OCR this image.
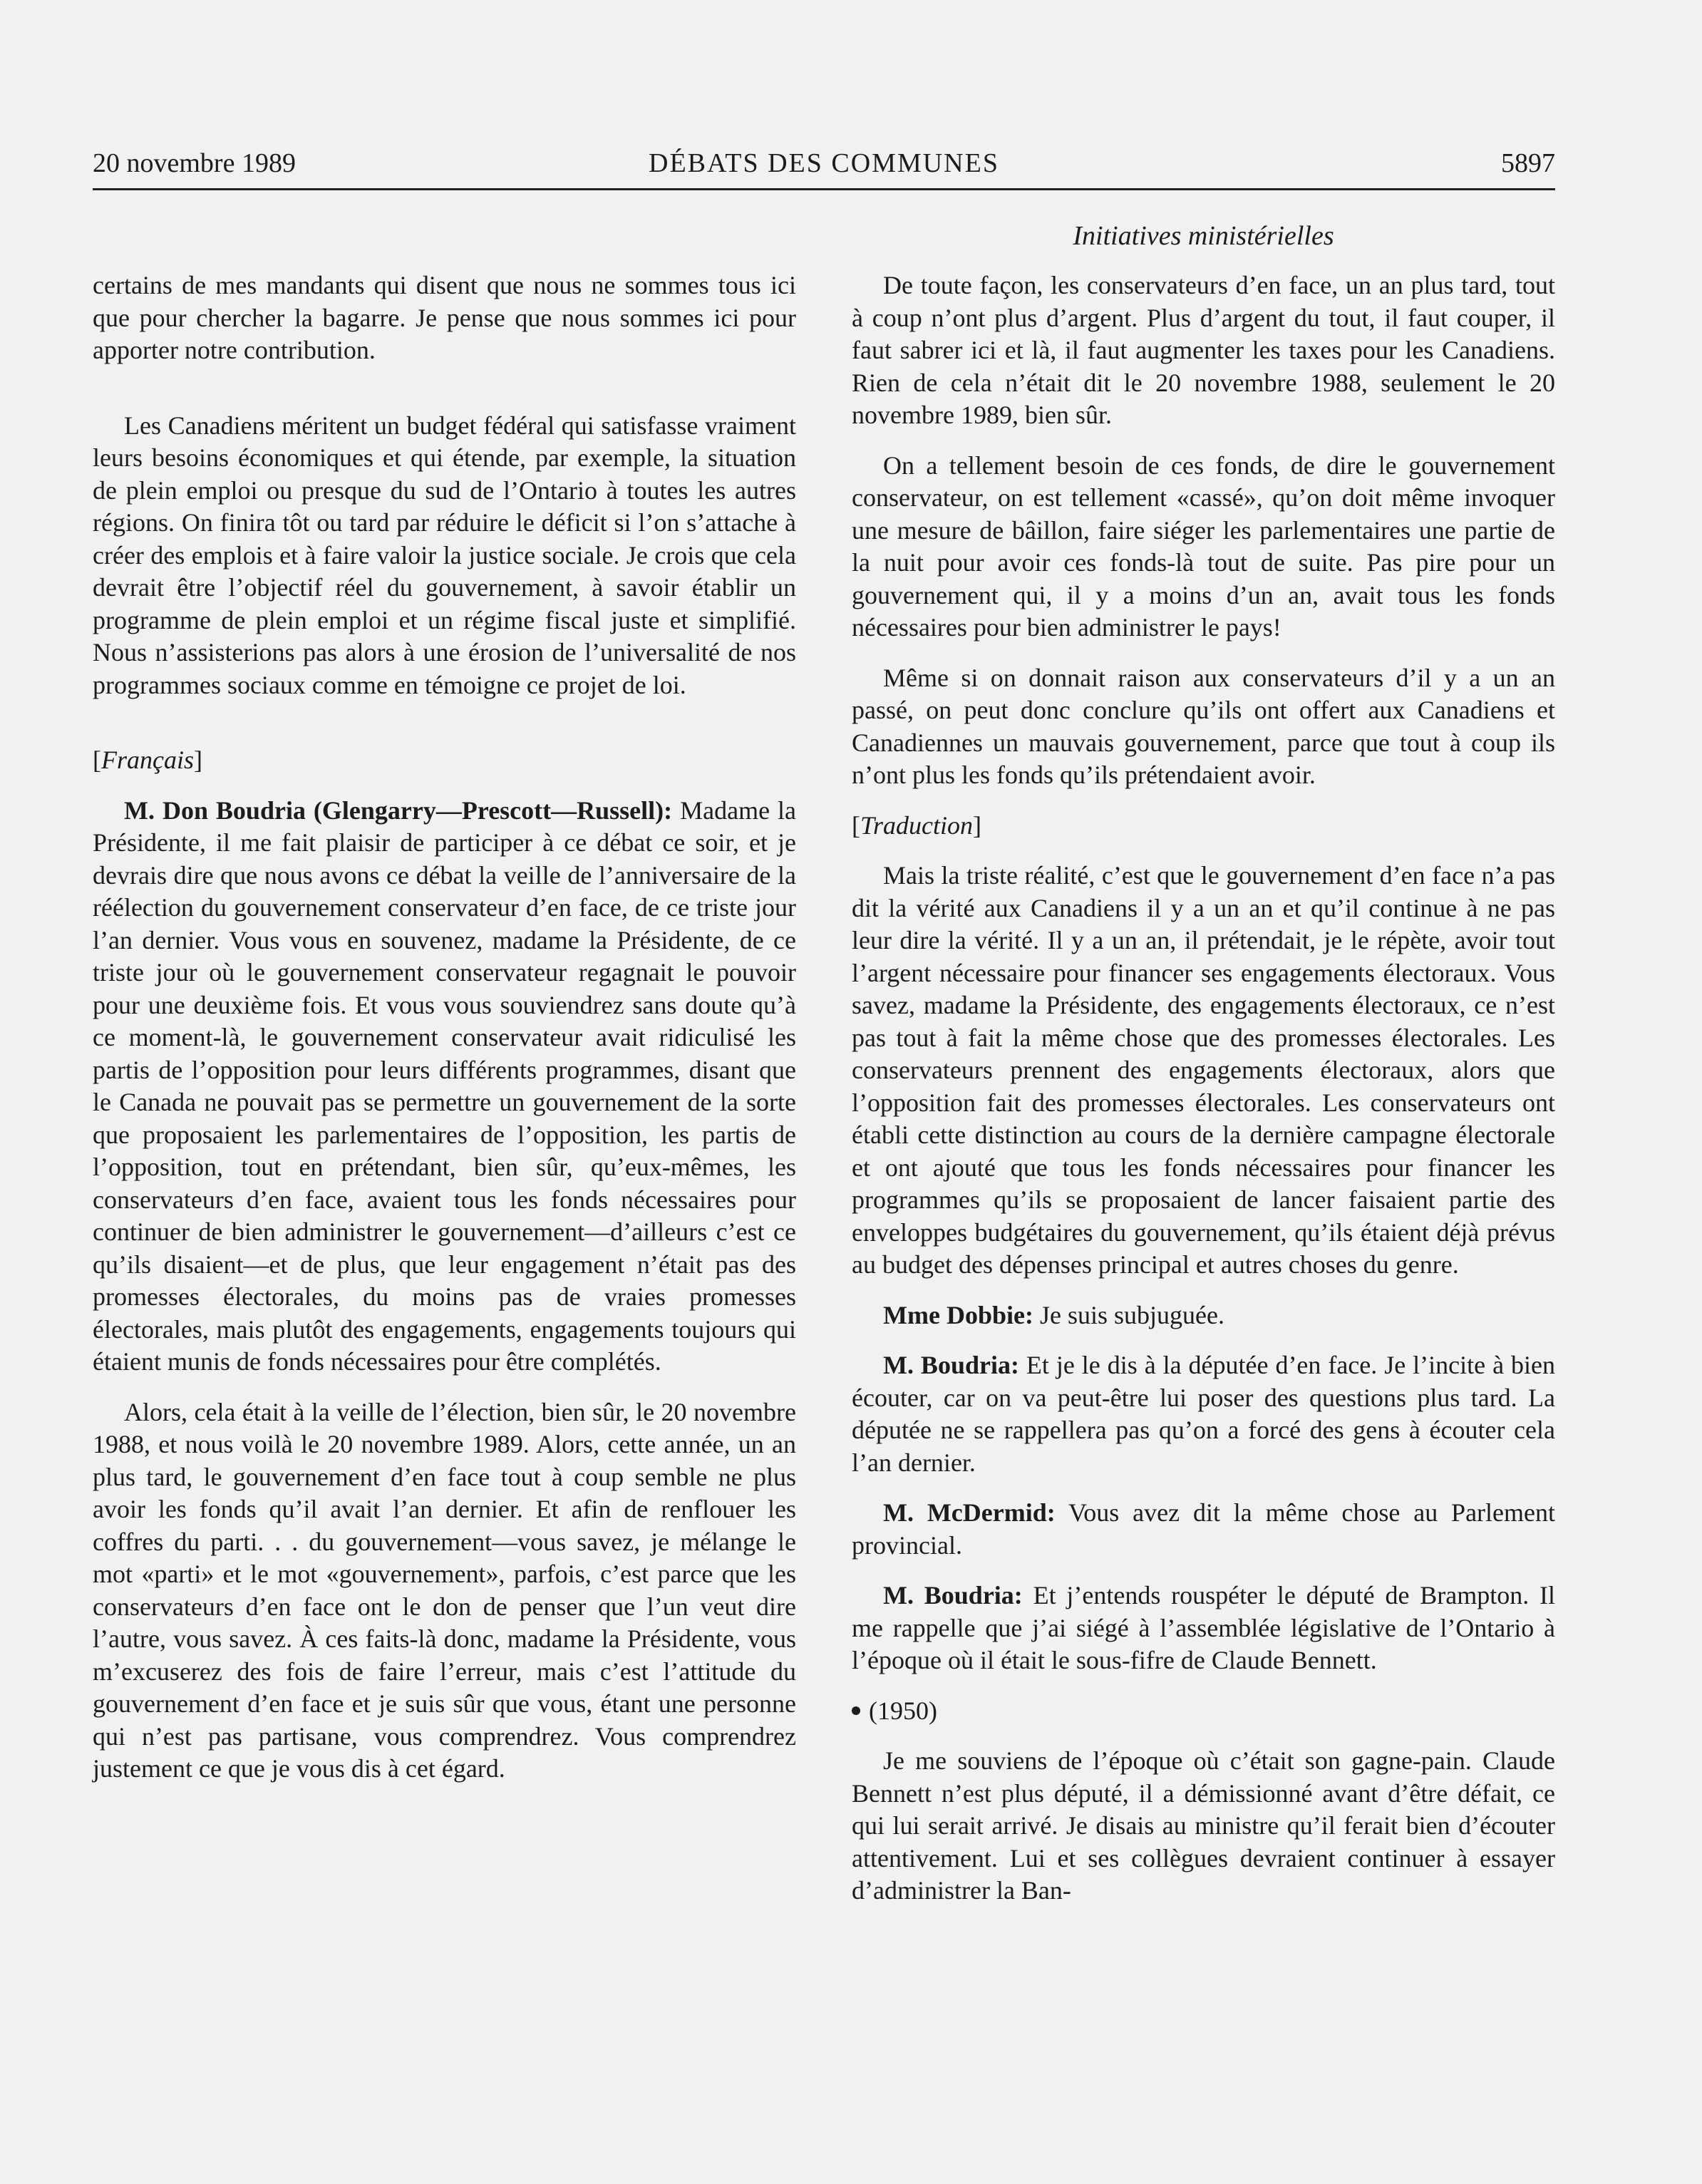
20 novembre 1989	DÉBATS DES COMMUNES	5897
Initiatives ministérielles

certains de mes mandants qui disent que nous ne sommes tous ici que pour chercher la bagarre. Je pense que nous sommes ici pour apporter notre contribution.

Les Canadiens méritent un budget fédéral qui satisfasse vraiment leurs besoins économiques et qui étende, par exemple, la situation de plein emploi ou presque du sud de l’Ontario à toutes les autres régions. On finira tôt ou tard par réduire le déficit si l’on s’attache à créer des emplois et à faire valoir la justice sociale. Je crois que cela devrait être l’objectif réel du gouvernement, à savoir établir un programme de plein emploi et un régime fiscal juste et simplifié. Nous n’assisterions pas alors à une érosion de l’universalité de nos programmes sociaux comme en témoigne ce projet de loi.

[Français]

M. Don Boudria (Glengarry—Prescott—Russell): Madame la Présidente, il me fait plaisir de participer à ce débat ce soir, et je devrais dire que nous avons ce débat la veille de l’anniversaire de la réélection du gouvernement conservateur d’en face, de ce triste jour l’an dernier. Vous vous en souvenez, madame la Présidente, de ce triste jour où le gouvernement conservateur regagnait le pouvoir pour une deuxième fois. Et vous vous souviendrez sans doute qu’à ce moment-là, le gouvernement conservateur avait ridiculisé les partis de l’opposition pour leurs différents programmes, disant que le Canada ne pouvait pas se permettre un gouvernement de la sorte que proposaient les parlementaires de l’opposition, les partis de l’opposition, tout en prétendant, bien sûr, qu’eux-mêmes, les conservateurs d’en face, avaient tous les fonds nécessaires pour continuer de bien administrer le gouvernement—d’ailleurs c’est ce qu’ils disaient—et de plus, que leur engagement n’était pas des promesses électorales, du moins pas de vraies promesses électorales, mais plutôt des engagements, engagements toujours qui étaient munis de fonds nécessaires pour être complétés.

Alors, cela était à la veille de l’élection, bien sûr, le 20 novembre 1988, et nous voilà le 20 novembre 1989. Alors, cette année, un an plus tard, le gouvernement d’en face tout à coup semble ne plus avoir les fonds qu’il avait l’an dernier. Et afin de renflouer les coffres du parti. . . du gouvernement—vous savez, je mélange le mot «parti» et le mot «gouvernement», parfois, c’est parce que les conservateurs d’en face ont le don de penser que l’un veut dire l’autre, vous savez. À ces faits-là donc, madame la Présidente, vous m’excuserez des fois de faire l’erreur, mais c’est l’attitude du gouvernement d’en face et je suis sûr que vous, étant une personne qui n’est pas partisane, vous comprendrez. Vous comprendrez justement ce que je vous dis à cet égard.

De toute façon, les conservateurs d’en face, un an plus tard, tout à coup n’ont plus d’argent. Plus d’argent du tout, il faut couper, il faut sabrer ici et là, il faut augmenter les taxes pour les Canadiens. Rien de cela n’était dit le 20 novembre 1988, seulement le 20 novembre 1989, bien sûr.

On a tellement besoin de ces fonds, de dire le gouvernement conservateur, on est tellement «cassé», qu’on doit même invoquer une mesure de bâillon, faire siéger les parlementaires une partie de la nuit pour avoir ces fonds-là tout de suite. Pas pire pour un gouvernement qui, il y a moins d’un an, avait tous les fonds nécessaires pour bien administrer le pays!

Même si on donnait raison aux conservateurs d’il y a un an passé, on peut donc conclure qu’ils ont offert aux Canadiens et Canadiennes un mauvais gouvernement, parce que tout à coup ils n’ont plus les fonds qu’ils prétendaient avoir.

[Traduction]

Mais la triste réalité, c’est que le gouvernement d’en face n’a pas dit la vérité aux Canadiens il y a un an et qu’il continue à ne pas leur dire la vérité. Il y a un an, il prétendait, je le répète, avoir tout l’argent nécessaire pour financer ses engagements électoraux. Vous savez, madame la Présidente, des engagements électoraux, ce n’est pas tout à fait la même chose que des promesses électorales. Les conservateurs prennent des engagements électoraux, alors que l’opposition fait des promesses électorales. Les conservateurs ont établi cette distinction au cours de la dernière campagne électorale et ont ajouté que tous les fonds nécessaires pour financer les programmes qu’ils se proposaient de lancer faisaient partie des enveloppes budgétaires du gouvernement, qu’ils étaient déjà prévus au budget des dépenses principal et autres choses du genre.

Mme Dobbie: Je suis subjuguée.

M. Boudria: Et je le dis à la députée d’en face. Je l’incite à bien écouter, car on va peut-être lui poser des questions plus tard. La députée ne se rappellera pas qu’on a forcé des gens à écouter cela l’an dernier.

M. McDermid: Vous avez dit la même chose au Parlement provincial.

M. Boudria: Et j’entends rouspéter le député de Brampton. Il me rappelle que j’ai siégé à l’assemblée législative de l’Ontario à l’époque où il était le sous-fifre de Claude Bennett.

(1950)

Je me souviens de l’époque où c’était son gagne-pain. Claude Bennett n’est plus député, il a démissionné avant d’être défait, ce qui lui serait arrivé. Je disais au ministre qu’il ferait bien d’écouter attentivement. Lui et ses collègues devraient continuer à essayer d’administrer la Ban-
